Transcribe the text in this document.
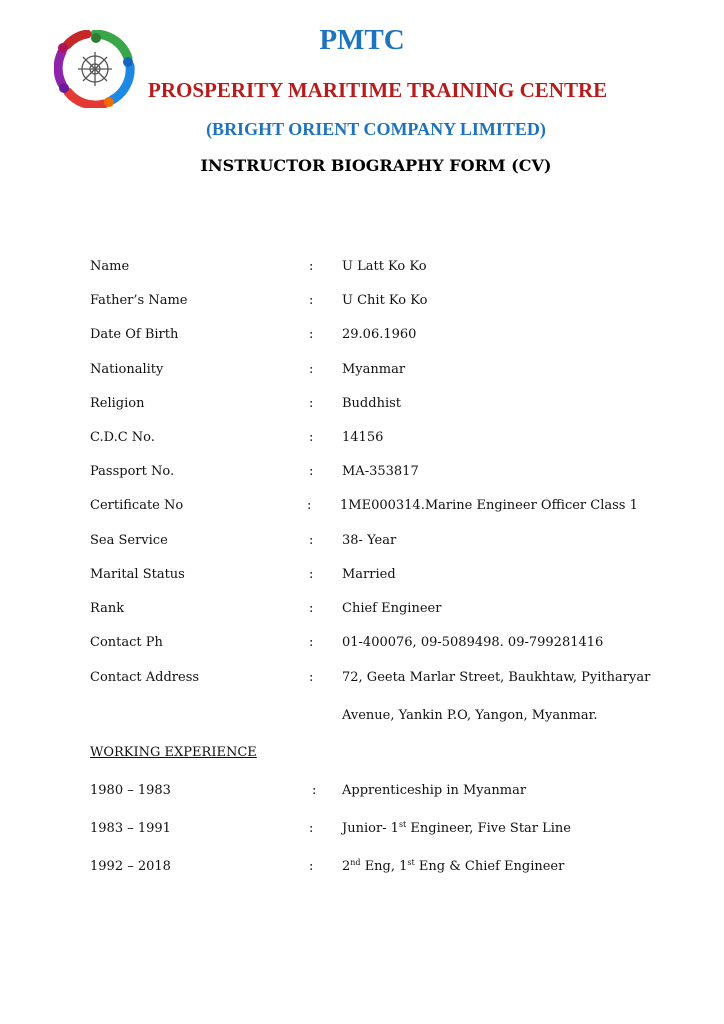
PMTC
PROSPERITY MARITIME TRAINING CENTRE
(BRIGHT ORIENT COMPANY LIMITED)
INSTRUCTOR BIOGRAPHY FORM (CV)
Name	: U Latt Ko Ko
Father’s Name	: U Chit Ko Ko
Date Of Birth	: 29.06.1960
Nationality	: Myanmar
Religion	: Buddhist
C.D.C No.	: 14156
Passport No.	: MA-353817
Certificate No	: 1ME000314.Marine Engineer Officer Class 1
Sea Service	: 38- Year
Marital Status	: Married
Rank	: Chief Engineer
Contact Ph	: 01-400076, 09-5089498. 09-799281416
Contact Address	: 72, Geeta Marlar Street, Baukhtaw, Pyitharyar
Avenue, Yankin P.O, Yangon, Myanmar.
WORKING EXPERIENCE
1980 – 1983	: Apprenticeship in Myanmar
1983 – 1991	: Junior- 1st Engineer, Five Star Line
1992 – 2018	: 2nd Eng, 1st Eng & Chief Engineer
